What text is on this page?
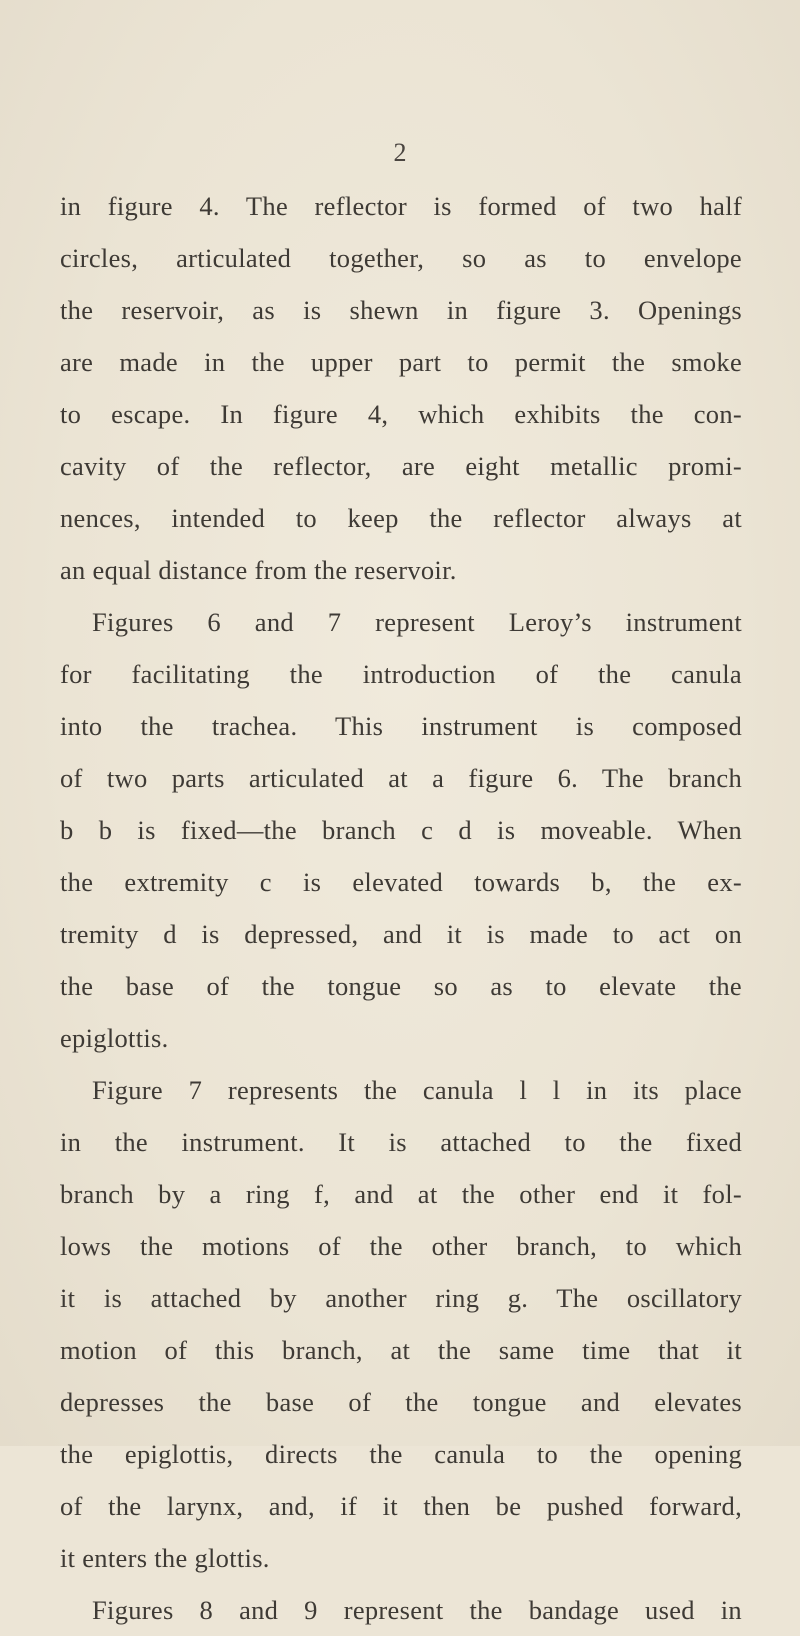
2
in figure 4. The reflector is formed of two half
circles, articulated together, so as to envelope
the reservoir, as is shewn in figure 3. Openings
are made in the upper part to permit the smoke
to escape. In figure 4, which exhibits the con-
cavity of the reflector, are eight metallic promi-
nences, intended to keep the reflector always at
an equal distance from the reservoir.
Figures 6 and 7 represent Leroy’s instrument
for facilitating the introduction of the canula
into the trachea. This instrument is composed
of two parts articulated at a figure 6. The branch
b b is fixed—the branch c d is moveable. When
the extremity c is elevated towards b, the ex-
tremity d is depressed, and it is made to act on
the base of the tongue so as to elevate the
epiglottis.
Figure 7 represents the canula l l in its place
in the instrument. It is attached to the fixed
branch by a ring f, and at the other end it fol-
lows the motions of the other branch, to which
it is attached by another ring g. The oscillatory
motion of this branch, at the same time that it
depresses the base of the tongue and elevates
the epiglottis, directs the canula to the opening
of the larynx, and, if it then be pushed forward,
it enters the glottis.
Figures 8 and 9 represent the bandage used in
